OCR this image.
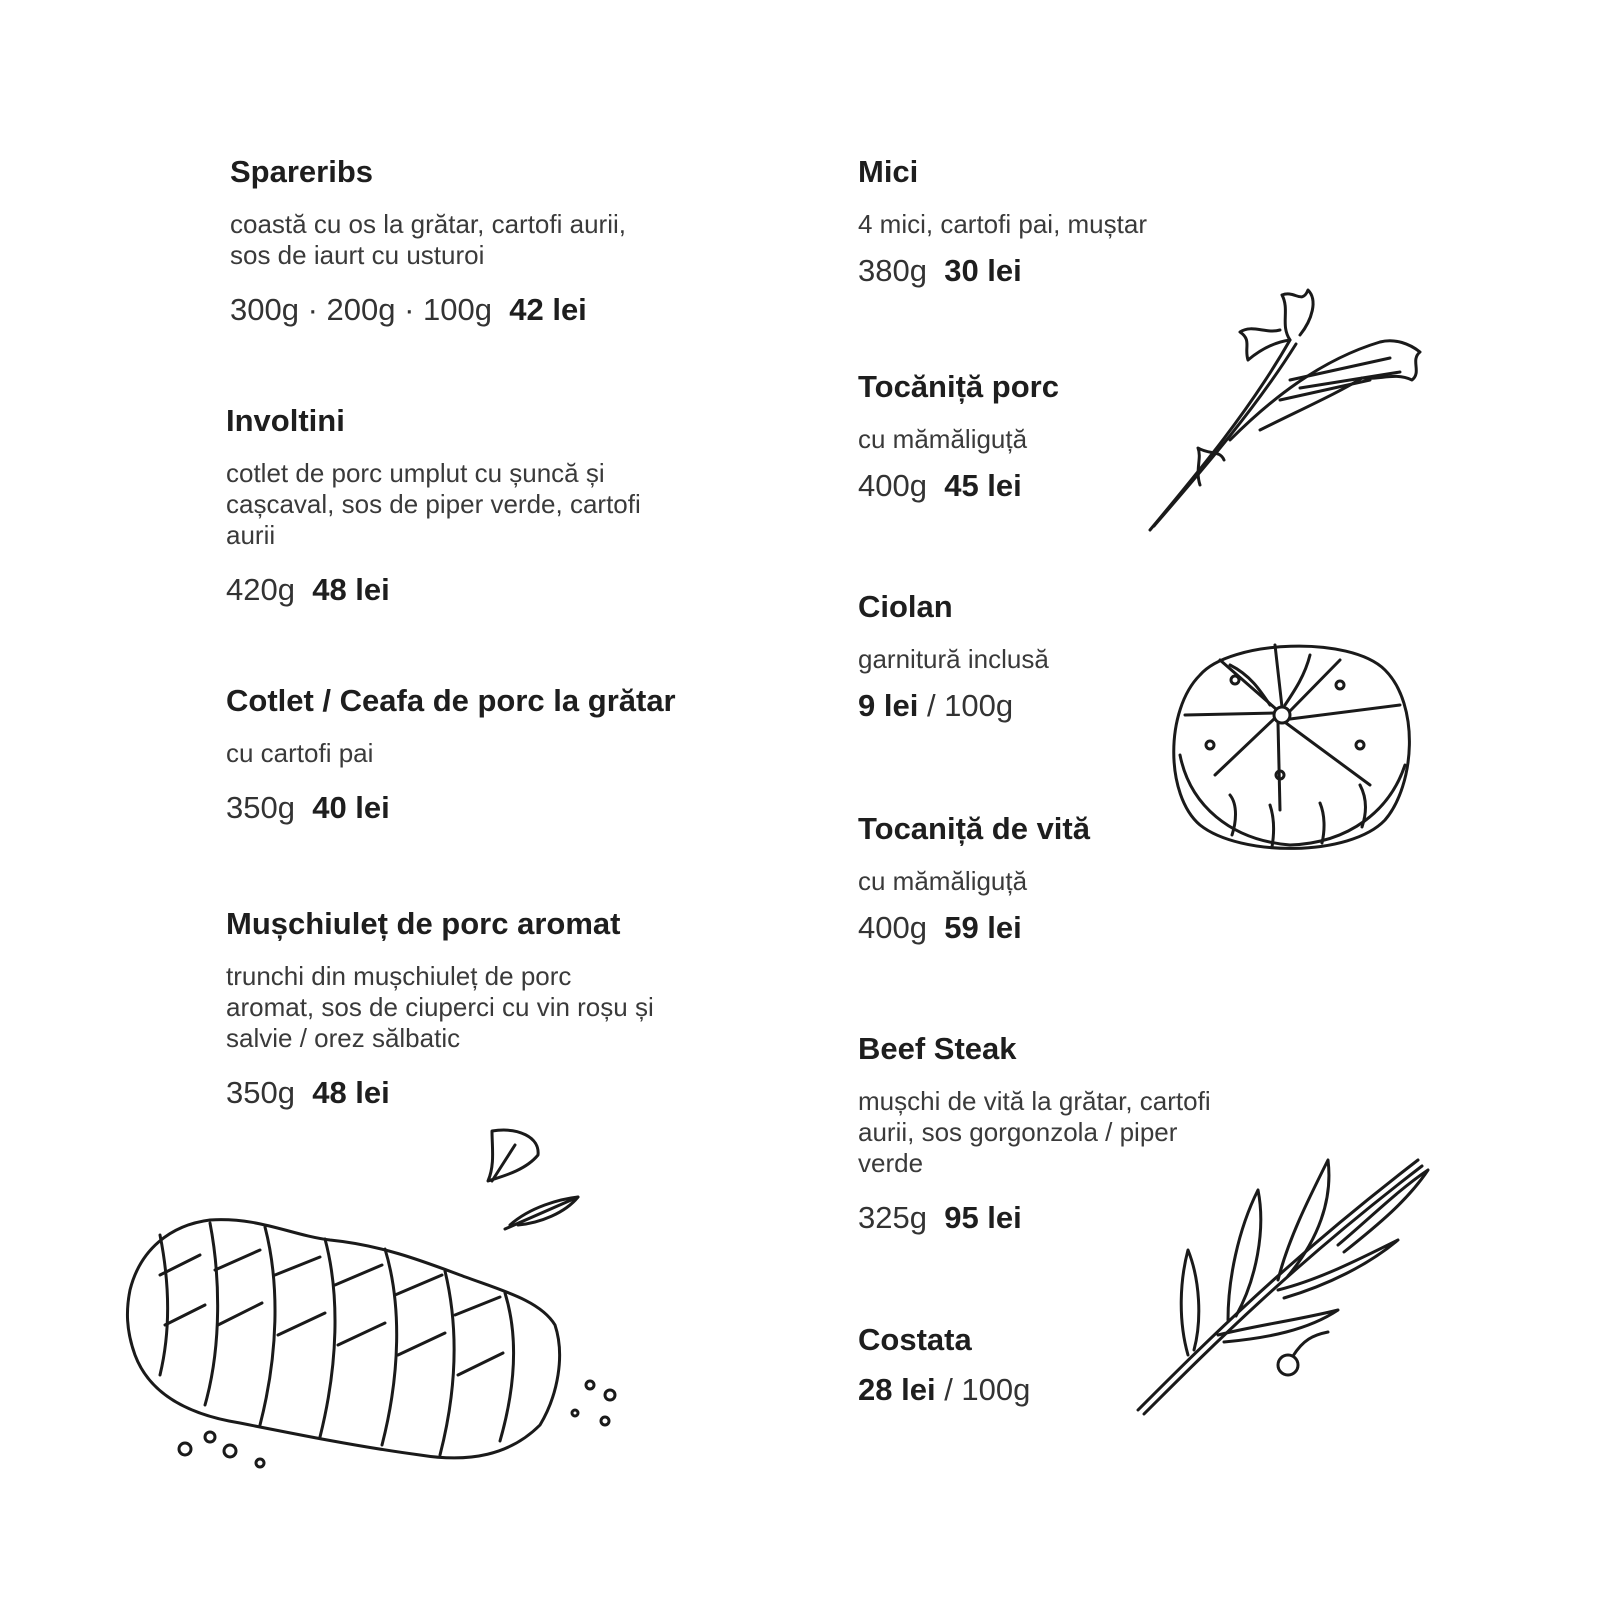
Spareribs

coastă cu os la grătar, cartofi aurii,

sos de iaurt cu usturoi

300g · 200g · 100g 42 lei

Involtini

cotlet de porc umplut cu șuncă și

cașcaval, sos de piper verde, cartofi

aurii

420g 48 lei

Cotlet / Ceafa de porc la grătar

cu cartofi pai

350g 40 lei

Mușchiuleț de porc aromat

trunchi din mușchiuleț de porc

aromat, sos de ciuperci cu vin roșu și

salvie / orez sălbatic

350g 48 lei

Mici

4 mici, cartofi pai, muștar

380g 30 lei

Tocăniță porc

cu mămăliguță

400g 45 lei

Ciolan

garnitură inclusă

9 lei / 100g

Tocaniță de vită

cu mămăliguță

400g 59 lei

Beef Steak

mușchi de vită la grătar, cartofi

aurii, sos gorgonzola / piper

verde

325g 95 lei

Costata

28 lei / 100g
